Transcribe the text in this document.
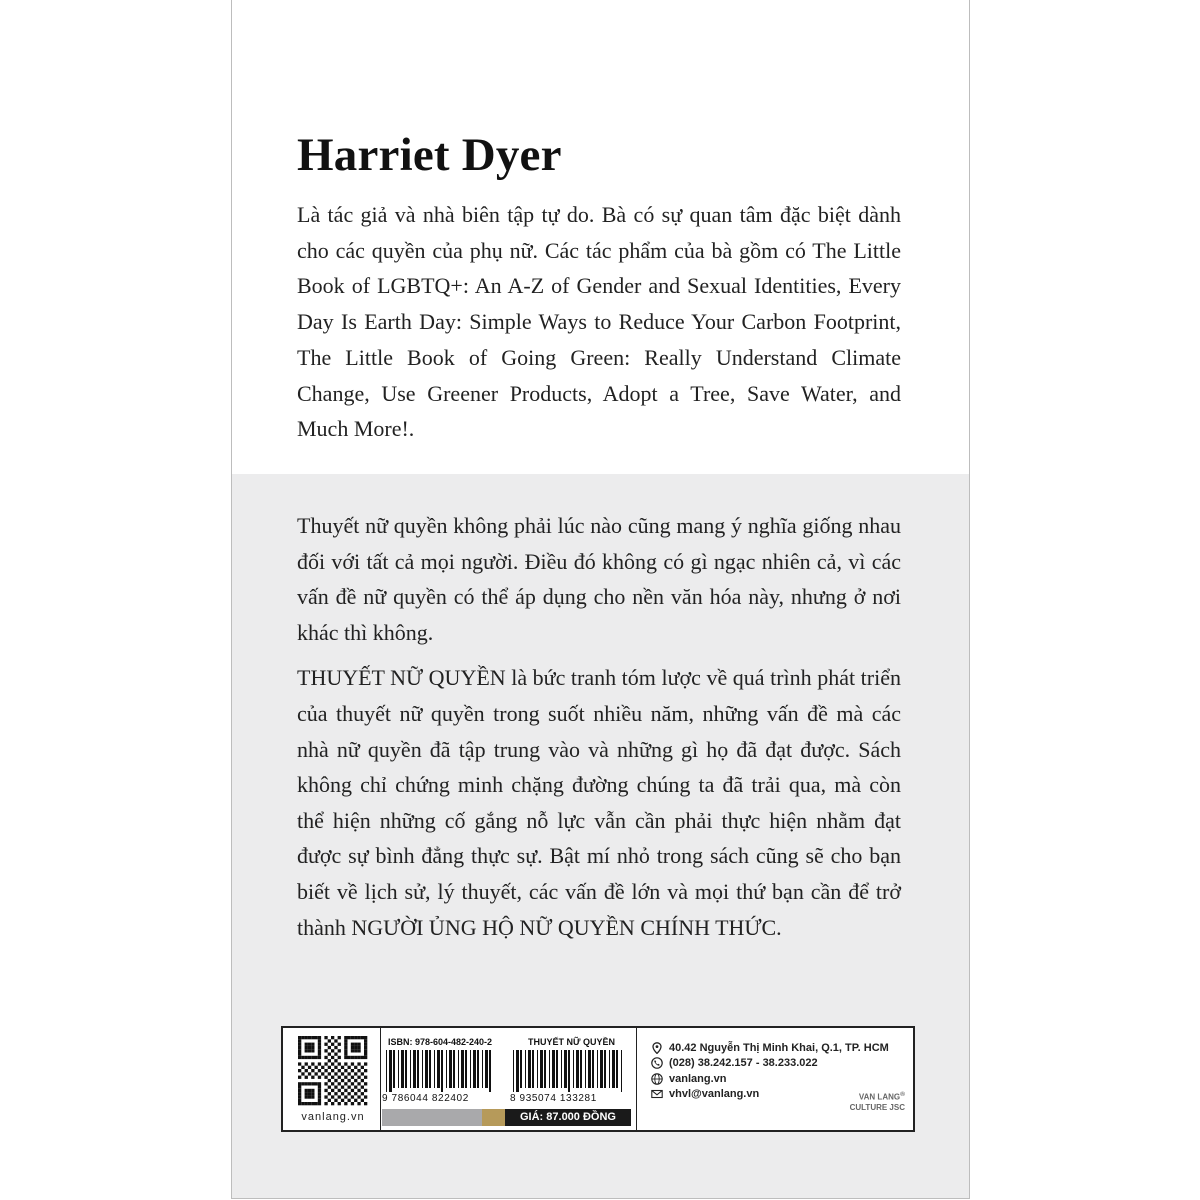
Harriet Dyer

Là tác giả và nhà biên tập tự do. Bà có sự quan tâm đặc biệt dành cho các quyền của phụ nữ. Các tác phẩm của bà gồm có The Little Book of LGBTQ+: An A-Z of Gender and Sexual Identities, Every Day Is Earth Day: Simple Ways to Reduce Your Carbon Footprint, The Little Book of Going Green: Really Understand Climate Change, Use Greener Products, Adopt a Tree, Save Water, and Much More!.

Thuyết nữ quyền không phải lúc nào cũng mang ý nghĩa giống nhau đối với tất cả mọi người. Điều đó không có gì ngạc nhiên cả, vì các vấn đề nữ quyền có thể áp dụng cho nền văn hóa này, nhưng ở nơi khác thì không.

THUYẾT NỮ QUYỀN là bức tranh tóm lược về quá trình phát triển của thuyết nữ quyền trong suốt nhiều năm, những vấn đề mà các nhà nữ quyền đã tập trung vào và những gì họ đã đạt được. Sách không chỉ chứng minh chặng đường chúng ta đã trải qua, mà còn thể hiện những cố gắng nỗ lực vẫn cần phải thực hiện nhằm đạt được sự bình đẳng thực sự. Bật mí nhỏ trong sách cũng sẽ cho bạn biết về lịch sử, lý thuyết, các vấn đề lớn và mọi thứ bạn cần để trở thành NGƯỜI ỦNG HỘ NỮ QUYỀN CHÍNH THỨC.

vanlang.vn
ISBN: 978-604-482-240-2
9 786044 822402
THUYẾT NỮ QUYỀN
8 935074 133281
GIÁ: 87.000 ĐỒNG
40.42 Nguyễn Thị Minh Khai, Q.1, TP. HCM
(028) 38.242.157 - 38.233.022
vanlang.vn
vhvl@vanlang.vn	VAN LANG®
CULTURE JSC
